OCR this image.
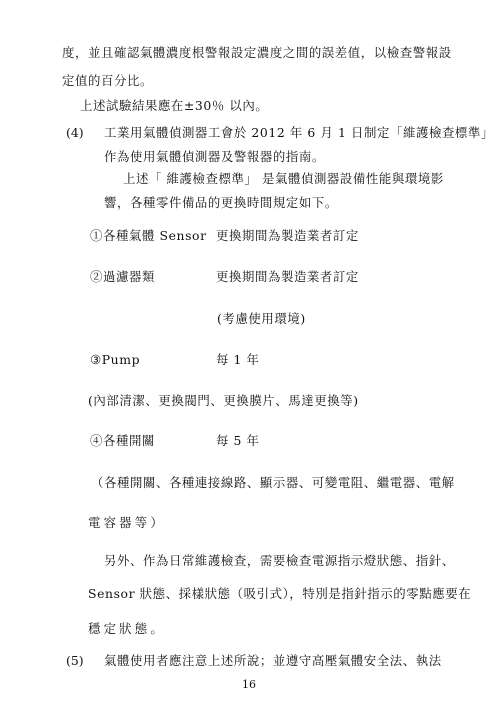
度，並且確認氣體濃度根警報設定濃度之間的誤差值，以檢查警報設
定值的百分比。
上述試驗結果應在±30％ 以內。
(4) 工業用氣體偵測器工會於 2012 年 6 月 1 日制定「維護檢查標準」
作為使用氣體偵測器及警報器的指南。
上述「 維護檢查標準」 是氣體偵測器設備性能與環境影
響，各種零件備品的更換時間規定如下。
①各種氣體 Sensor 更換期間為製造業者訂定
②過濾器類	更換期間為製造業者訂定
(考慮使用環境)
③Pump	每 1 年
(內部清潔、更換閥門、更換膜片、馬達更換等)
④各種開關	每 5 年
（各種開關、各種連接線路、顯示器、可變電阻、繼電器、電解
電容器等）
另外、作為日常維護檢查，需要檢查電源指示燈狀態、指針、
Sensor 狀態、採樣狀態（吸引式），特別是指針指示的零點應要在
穩定狀態。
(5) 氣體使用者應注意上述所說；並遵守高壓氣體安全法、執法
16
